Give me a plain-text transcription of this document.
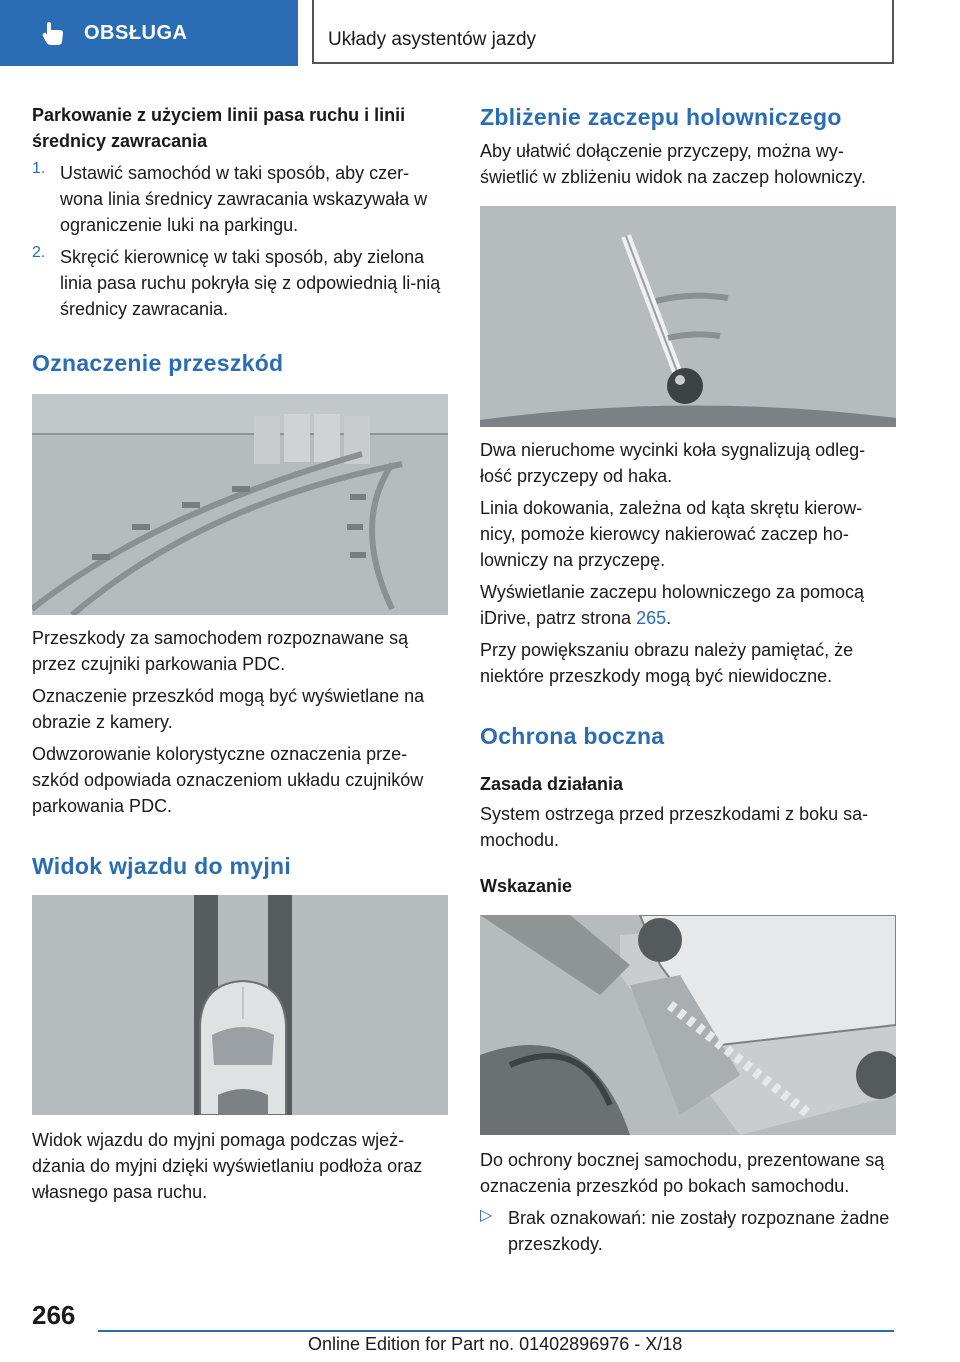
OBSŁUGA	Układy asystentów jazdy
Parkowanie z użyciem linii pasa ruchu i linii średnicy zawracania
1. Ustawić samochód w taki sposób, aby czer-wona linia średnicy zawracania wskazywała w ograniczenie luki na parkingu.
2. Skręcić kierownicę w taki sposób, aby zielona linia pasa ruchu pokryła się z odpowiednią li-nią średnicy zawracania.
Oznaczenie przeszkód

Przeszkody za samochodem rozpoznawane są przez czujniki parkowania PDC.

Oznaczenie przeszkód mogą być wyświetlane na obrazie z kamery.

Odwzorowanie kolorystyczne oznaczenia prze-szkód odpowiada oznaczeniom układu czujników parkowania PDC.

Widok wjazdu do myjni

Widok wjazdu do myjni pomaga podczas wjeż-dżania do myjni dzięki wyświetlaniu podłoża oraz własnego pasa ruchu.

Zbliżenie zaczepu holowniczego

Aby ułatwić dołączenie przyczepy, można wy-świetlić w zbliżeniu widok na zaczep holowniczy.

Dwa nieruchome wycinki koła sygnalizują odleg-łość przyczepy od haka.

Linia dokowania, zależna od kąta skrętu kierow-nicy, pomoże kierowcy nakierować zaczep ho-lowniczy na przyczepę.

Wyświetlanie zaczepu holowniczego za pomocą iDrive, patrz strona 265.

Przy powiększaniu obrazu należy pamiętać, że niektóre przeszkody mogą być niewidoczne.

Ochrona boczna
Zasada działania

System ostrzega przed przeszkodami z boku sa-mochodu.

Wskazanie

Do ochrony bocznej samochodu, prezentowane są oznaczenia przeszkód po bokach samochodu.

▷ Brak oznakowań: nie zostały rozpoznane żadne przeszkody.

266
Online Edition for Part no. 01402896976 - X/18
